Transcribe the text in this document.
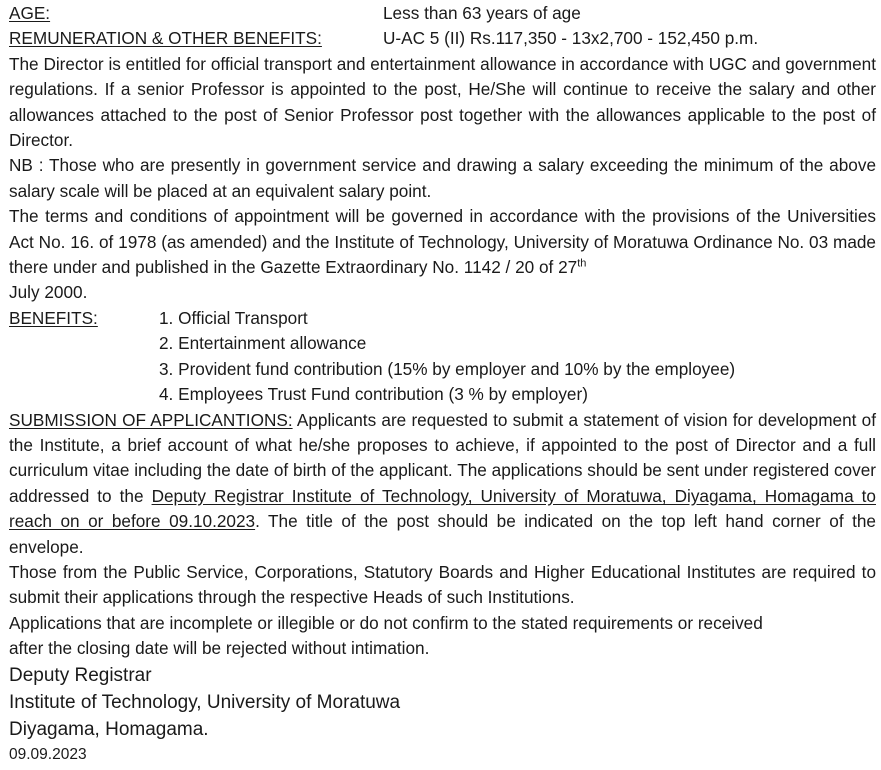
AGE:	Less than 63 years of age
REMUNERATION & OTHER BENEFITS:	U-AC 5 (II) Rs.117,350 - 13x2,700 - 152,450 p.m.

The Director is entitled for official transport and entertainment allowance in accordance with UGC and government regulations. If a senior Professor is appointed to the post, He/She will continue to receive the salary and other allowances attached to the post of Senior Professor post together with the allowances applicable to the post of Director.

NB : Those who are presently in government service and drawing a salary exceeding the minimum of the above salary scale will be placed at an equivalent salary point.

The terms and conditions of appointment will be governed in accordance with the provisions of the Universities Act No. 16. of 1978 (as amended) and the Institute of Technology, University of Moratuwa Ordinance No. 03 made there under and published in the Gazette Extraordinary No. 1142 / 20 of 27th
July 2000.

BENEFITS:	1. Official Transport
2. Entertainment allowance
3. Provident fund contribution (15% by employer and 10% by the employee)
4. Employees Trust Fund contribution (3 % by employer)

SUBMISSION OF APPLICANTIONS: Applicants are requested to submit a statement of vision for development of the Institute, a brief account of what he/she proposes to achieve, if appointed to the post of Director and a full curriculum vitae including the date of birth of the applicant. The applications should be sent under registered cover addressed to the Deputy Registrar Institute of Technology, University of Moratuwa, Diyagama, Homagama to reach on or before 09.10.2023. The title of the post should be indicated on the top left hand corner of the envelope.

Those from the Public Service, Corporations, Statutory Boards and Higher Educational Institutes are required to submit their applications through the respective Heads of such Institutions.

Applications that are incomplete or illegible or do not confirm to the stated requirements or received
after the closing date will be rejected without intimation.
Deputy Registrar
Institute of Technology, University of Moratuwa
Diyagama, Homagama.
09.09.2023
